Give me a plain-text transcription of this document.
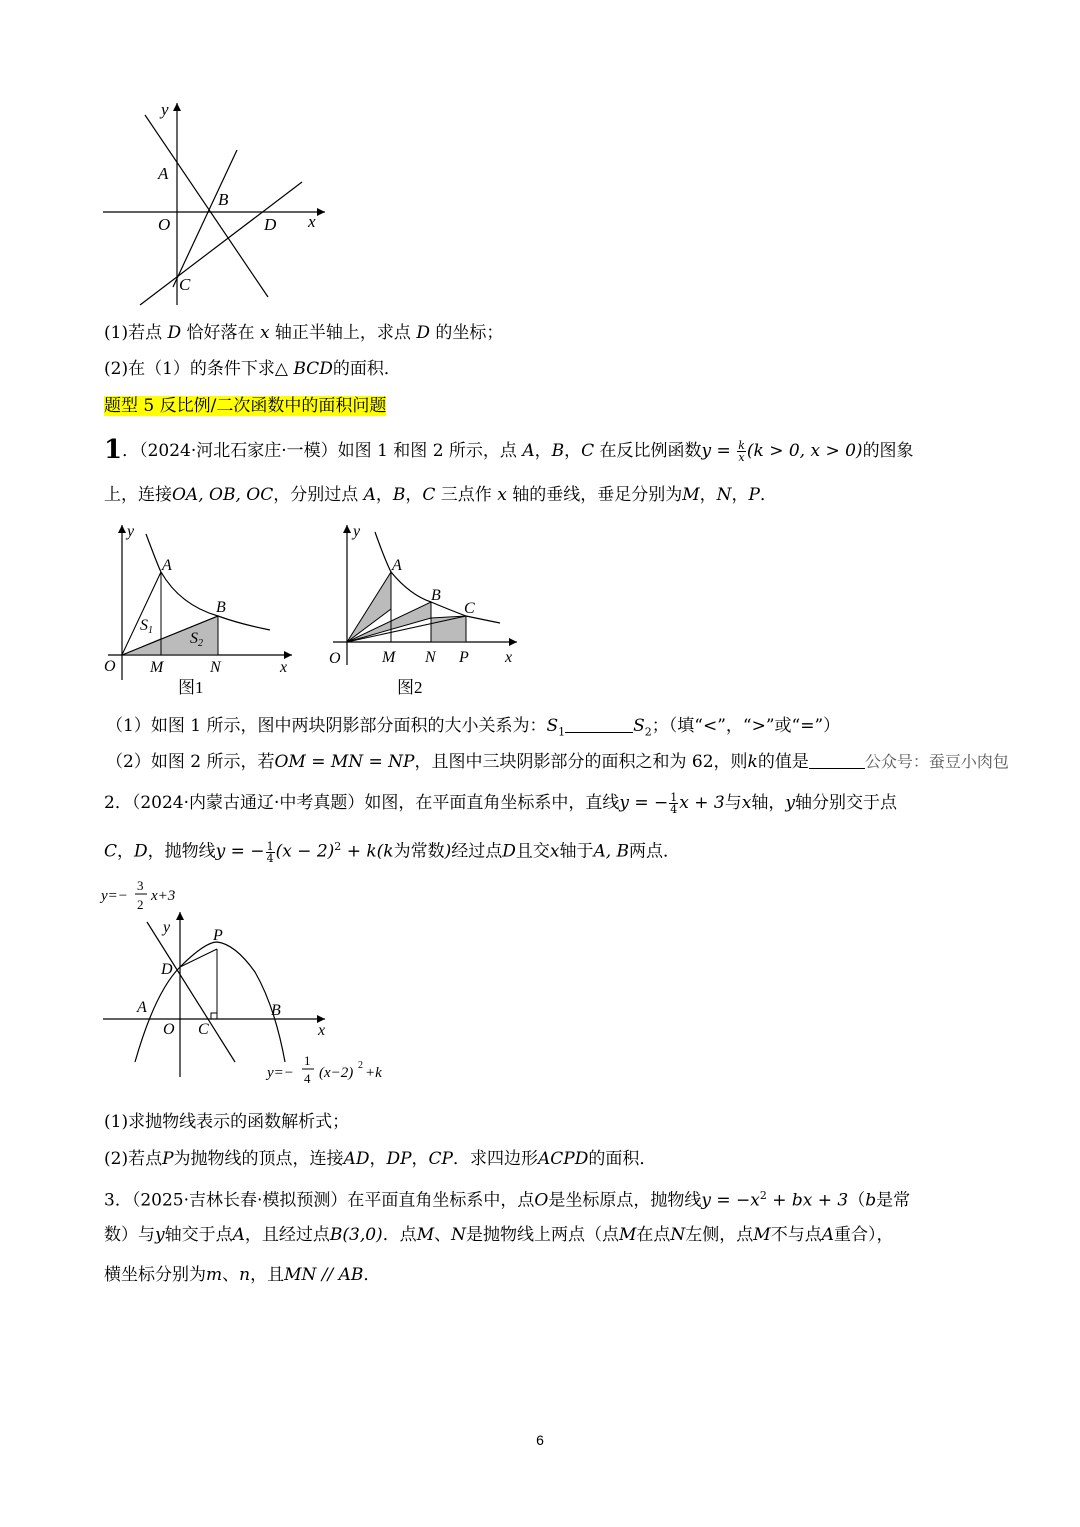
y
x
A
B
O	D
C
(1)若点 D 恰好落在 x 轴正半轴上，求点 D 的坐标；
(2)在（1）的条件下求△ BCD的面积．
题型 5 反比例/二次函数中的面积问题
1．（2024·河北石家庄·一模）如图 1 和图 2 所示，点 A，B，C 在反比例函数$y = \frac{k}{x} (k > 0$, x > 0)的图象
上，连接OA, OB, OC，分别过点 A，B，C 三点作 x 轴的垂线，垂足分别为M，N，P．
y
x
A
B
O M	N
S1 S2
图1
y
x
A
B
C
O	M N P
图2
（1）如图 1 所示，图中两块阴影部分面积的大小关系为：$S_1$	$S_2$；（填“<”，“>”或“=”）
（2）如图 2 所示，若OM = MN = NP，且图中三块阴影部分的面积之和为 62，则k的值是	公众号：蚕豆小肉包
2．（2024·内蒙古通辽·中考真题）如图，在平面直角坐标系中，直线y = − $\frac{1}{4}$ x + 3与x轴，y轴分别交于点
C，D，抛物线y = − $\frac{1}{4} (x - 2)^2 + k(k$为常数)经过点D且交x轴于A, B两点．
y=−
3
2
x+3
y
x
P
D
A
O C
B
y=−
1
4 (x−2) 2 +k
(1)求抛物线表示的函数解析式；
(2)若点P为抛物线的顶点，连接AD，DP，CP．求四边形ACPD的面积．
3．（2025·吉林长春·模拟预测）在平面直角坐标系中，点O是坐标原点，抛物线$y = -x^2$ + bx + 3（b是常
数）与y轴交于点A，且经过点B(3,0)．点M、N是抛物线上两点（点M在点N左侧，点M不与点A重合），
横坐标分别为m、n，且MN // AB．
6
